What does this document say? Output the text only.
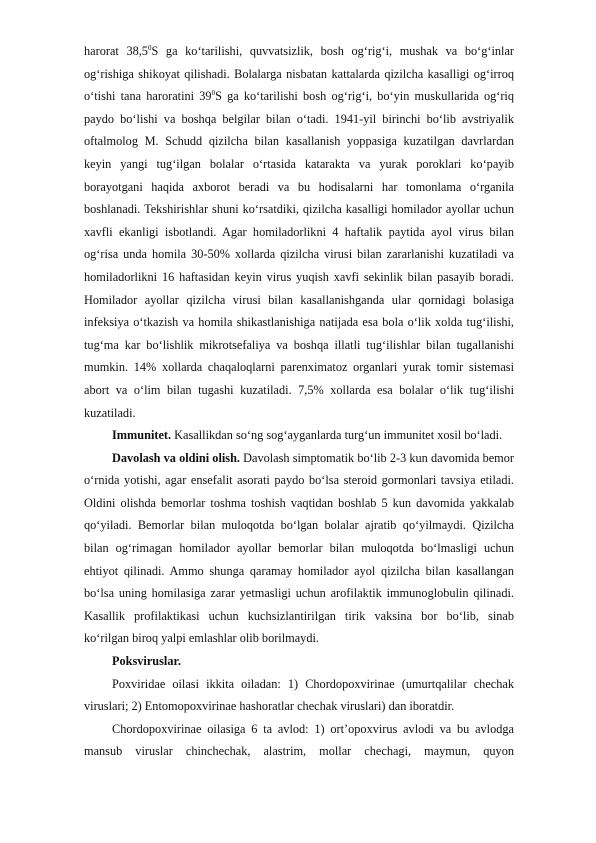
harorat 38,5$^0$S ga ko‘tarilishi, quvvatsizlik, bosh og‘rig‘i, mushak va bo‘g‘inlar og‘rishiga shikoyat qilishadi. Bolalarga nisbatan kattalarda qizilcha kasalligi og‘irroq o‘tishi tana haroratini $39^0S$ ga ko‘tarilishi bosh og‘rig‘i, bo‘yin muskullarida og‘riq paydo bo‘lishi va boshqa belgilar bilan o‘tadi. 1941-yil birinchi bo‘lib avstriyalik oftalmolog M. Schudd qizilcha bilan kasallanish yoppasiga kuzatilgan davrlardan keyin yangi tug‘ilgan bolalar o‘rtasida katarakta va yurak poroklari ko‘payib borayotgani haqida axborot beradi va bu hodisalarni har tomonlama o‘rganila boshlanadi. Tekshirishlar shuni ko‘rsatdiki, qizilcha kasalligi homilador ayollar uchun xavfli ekanligi isbotlandi. Agar homiladorlikni 4 haftalik paytida ayol virus bilan og‘risa unda homila 30-50% xollarda qizilcha virusi bilan zararlanishi kuzatiladi va homiladorlikni 16 haftasidan keyin virus yuqish xavfi sekinlik bilan pasayib boradi. Homilador ayollar qizilcha virusi bilan kasallanishganda ular qornidagi bolasiga infeksiya o‘tkazish va homila shikastlanishiga natijada esa bola o‘lik xolda tug‘ilishi, tug‘ma kar bo‘lishlik mikrotsefaliya va boshqa illatli tug‘ilishlar bilan tugallanishi mumkin. 14% xollarda chaqaloqlarni parenximatoz organlari yurak tomir sistemasi abort va o‘lim bilan tugashi kuzatiladi. 7,5% xollarda esa bolalar o‘lik tug‘ilishi kuzatiladi.

Immunitet. Kasallikdan so‘ng sog‘ayganlarda turg‘un immunitet xosil bo‘ladi.

Davolash va oldini olish. Davolash simptomatik bo‘lib 2-3 kun davomida bemor o‘rnida yotishi, agar ensefalit asorati paydo bo‘lsa steroid gormonlari tavsiya etiladi. Oldini olishda bemorlar toshma toshish vaqtidan boshlab 5 kun davomida yakkalab qo‘yiladi. Bemorlar bilan muloqotda bo‘lgan bolalar ajratib qo‘yilmaydi. Qizilcha bilan og‘rimagan homilador ayollar bemorlar bilan muloqotda bo‘lmasligi uchun ehtiyot qilinadi. Ammo shunga qaramay homilador ayol qizilcha bilan kasallangan bo‘lsa uning homilasiga zarar yetmasligi uchun arofilaktik immunoglobulin qilinadi. Kasallik profilaktikasi uchun kuchsizlantirilgan tirik vaksina bor bo‘lib, sinab ko‘rilgan biroq yalpi emlashlar olib borilmaydi.

Poksviruslar.

Poxviridae oilasi ikkita oiladan: 1) Chordopoxvirinae (umurtqalilar chechak viruslari; 2) Entomopoxvirinae hashoratlar chechak viruslari) dan iboratdir.

Chordopoxvirinae oilasiga 6 ta avlod: 1) ort’opoxvirus avlodi va bu avlodga mansub viruslar chinchechak, alastrim, mollar chechagi, maymun, quyon
